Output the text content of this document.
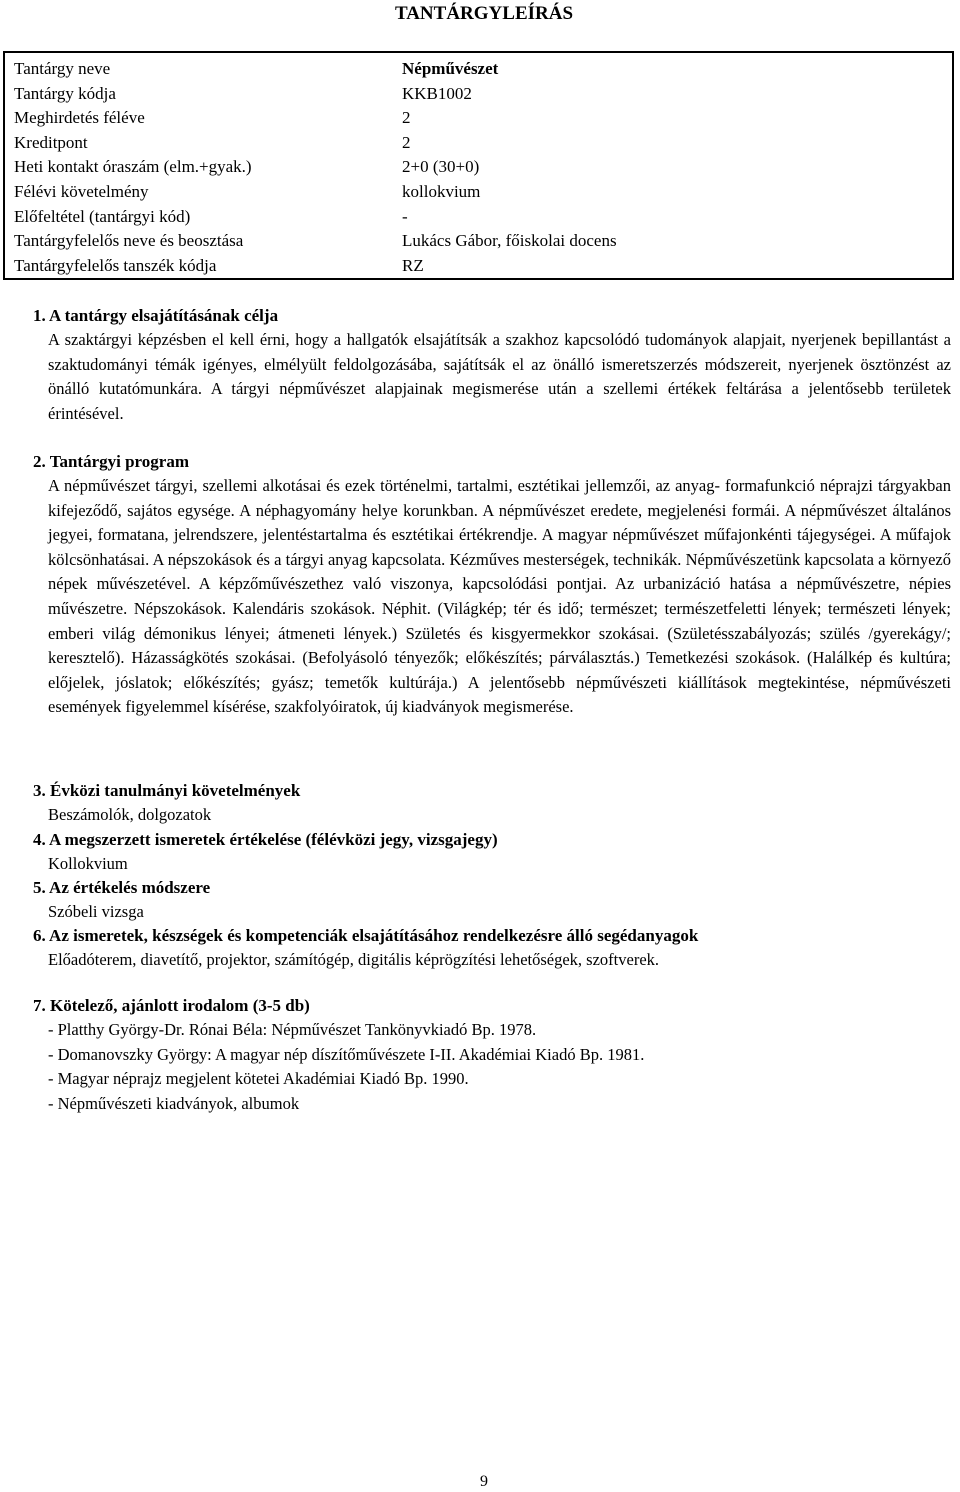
TANTÁRGYLEÍRÁS
Tantárgy neve	Népművészet
Tantárgy kódja	KKB1002
Meghirdetés féléve	2
Kreditpont	2
Heti kontakt óraszám (elm.+gyak.)	2+0 (30+0)
Félévi követelmény	kollokvium
Előfeltétel (tantárgyi kód)	-
Tantárgyfelelős neve és beosztása	Lukács Gábor, főiskolai docens
Tantárgyfelelős tanszék kódja	RZ
1. A tantárgy elsajátításának célja
A szaktárgyi képzésben el kell érni, hogy a hallgatók elsajátítsák a szakhoz kapcsolódó tudományok alapjait, nyerjenek bepillantást a szaktudományi témák igényes, elmélyült feldolgozásába, sajátítsák el az önálló ismeretszerzés módszereit, nyerjenek ösztönzést az önálló kutatómunkára. A tárgyi népművészet alapjainak megismerése után a szellemi értékek feltárása a jelentősebb területek érintésével.
2. Tantárgyi program
A népművészet tárgyi, szellemi alkotásai és ezek történelmi, tartalmi, esztétikai jellemzői, az anyag- formafunkció néprajzi tárgyakban kifejeződő, sajátos egysége. A néphagyomány helye korunkban. A népművészet eredete, megjelenési formái. A népművészet általános jegyei, formatana, jelrendszere, jelentéstartalma és esztétikai értékrendje. A magyar népművészet műfajonkénti tájegységei. A műfajok kölcsönhatásai. A népszokások és a tárgyi anyag kapcsolata. Kézműves mesterségek, technikák. Népművészetünk kapcsolata a környező népek művészetével. A képzőművészethez való viszonya, kapcsolódási pontjai. Az urbanizáció hatása a népművészetre, népies művészetre. Népszokások. Kalendáris szokások. Néphit. (Világkép; tér és idő; természet; természetfeletti lények; természeti lények; emberi világ démonikus lényei; átmeneti lények.) Születés és kisgyermekkor szokásai. (Születésszabályozás; szülés /gyerekágy/; keresztelő). Házasságkötés szokásai. (Befolyásoló tényezők; előkészítés; párválasztás.) Temetkezési szokások. (Halálkép és kultúra; előjelek, jóslatok; előkészítés; gyász; temetők kultúrája.) A jelentősebb népművészeti kiállítások megtekintése, népművészeti események figyelemmel kísérése, szakfolyóiratok, új kiadványok megismerése.
3. Évközi tanulmányi követelmények
Beszámolók, dolgozatok
4. A megszerzett ismeretek értékelése (félévközi jegy, vizsgajegy)
Kollokvium
5. Az értékelés módszere
Szóbeli vizsga
6. Az ismeretek, készségek és kompetenciák elsajátításához rendelkezésre álló segédanyagok
Előadóterem, diavetítő, projektor, számítógép, digitális képrögzítési lehetőségek, szoftverek.
7. Kötelező, ajánlott irodalom (3-5 db)
- Platthy György-Dr. Rónai Béla: Népművészet Tankönyvkiadó Bp. 1978.
- Domanovszky György: A magyar nép díszítőművészete I-II. Akadémiai Kiadó Bp. 1981.
- Magyar néprajz megjelent kötetei Akadémiai Kiadó Bp. 1990.
- Népművészeti kiadványok, albumok
9
